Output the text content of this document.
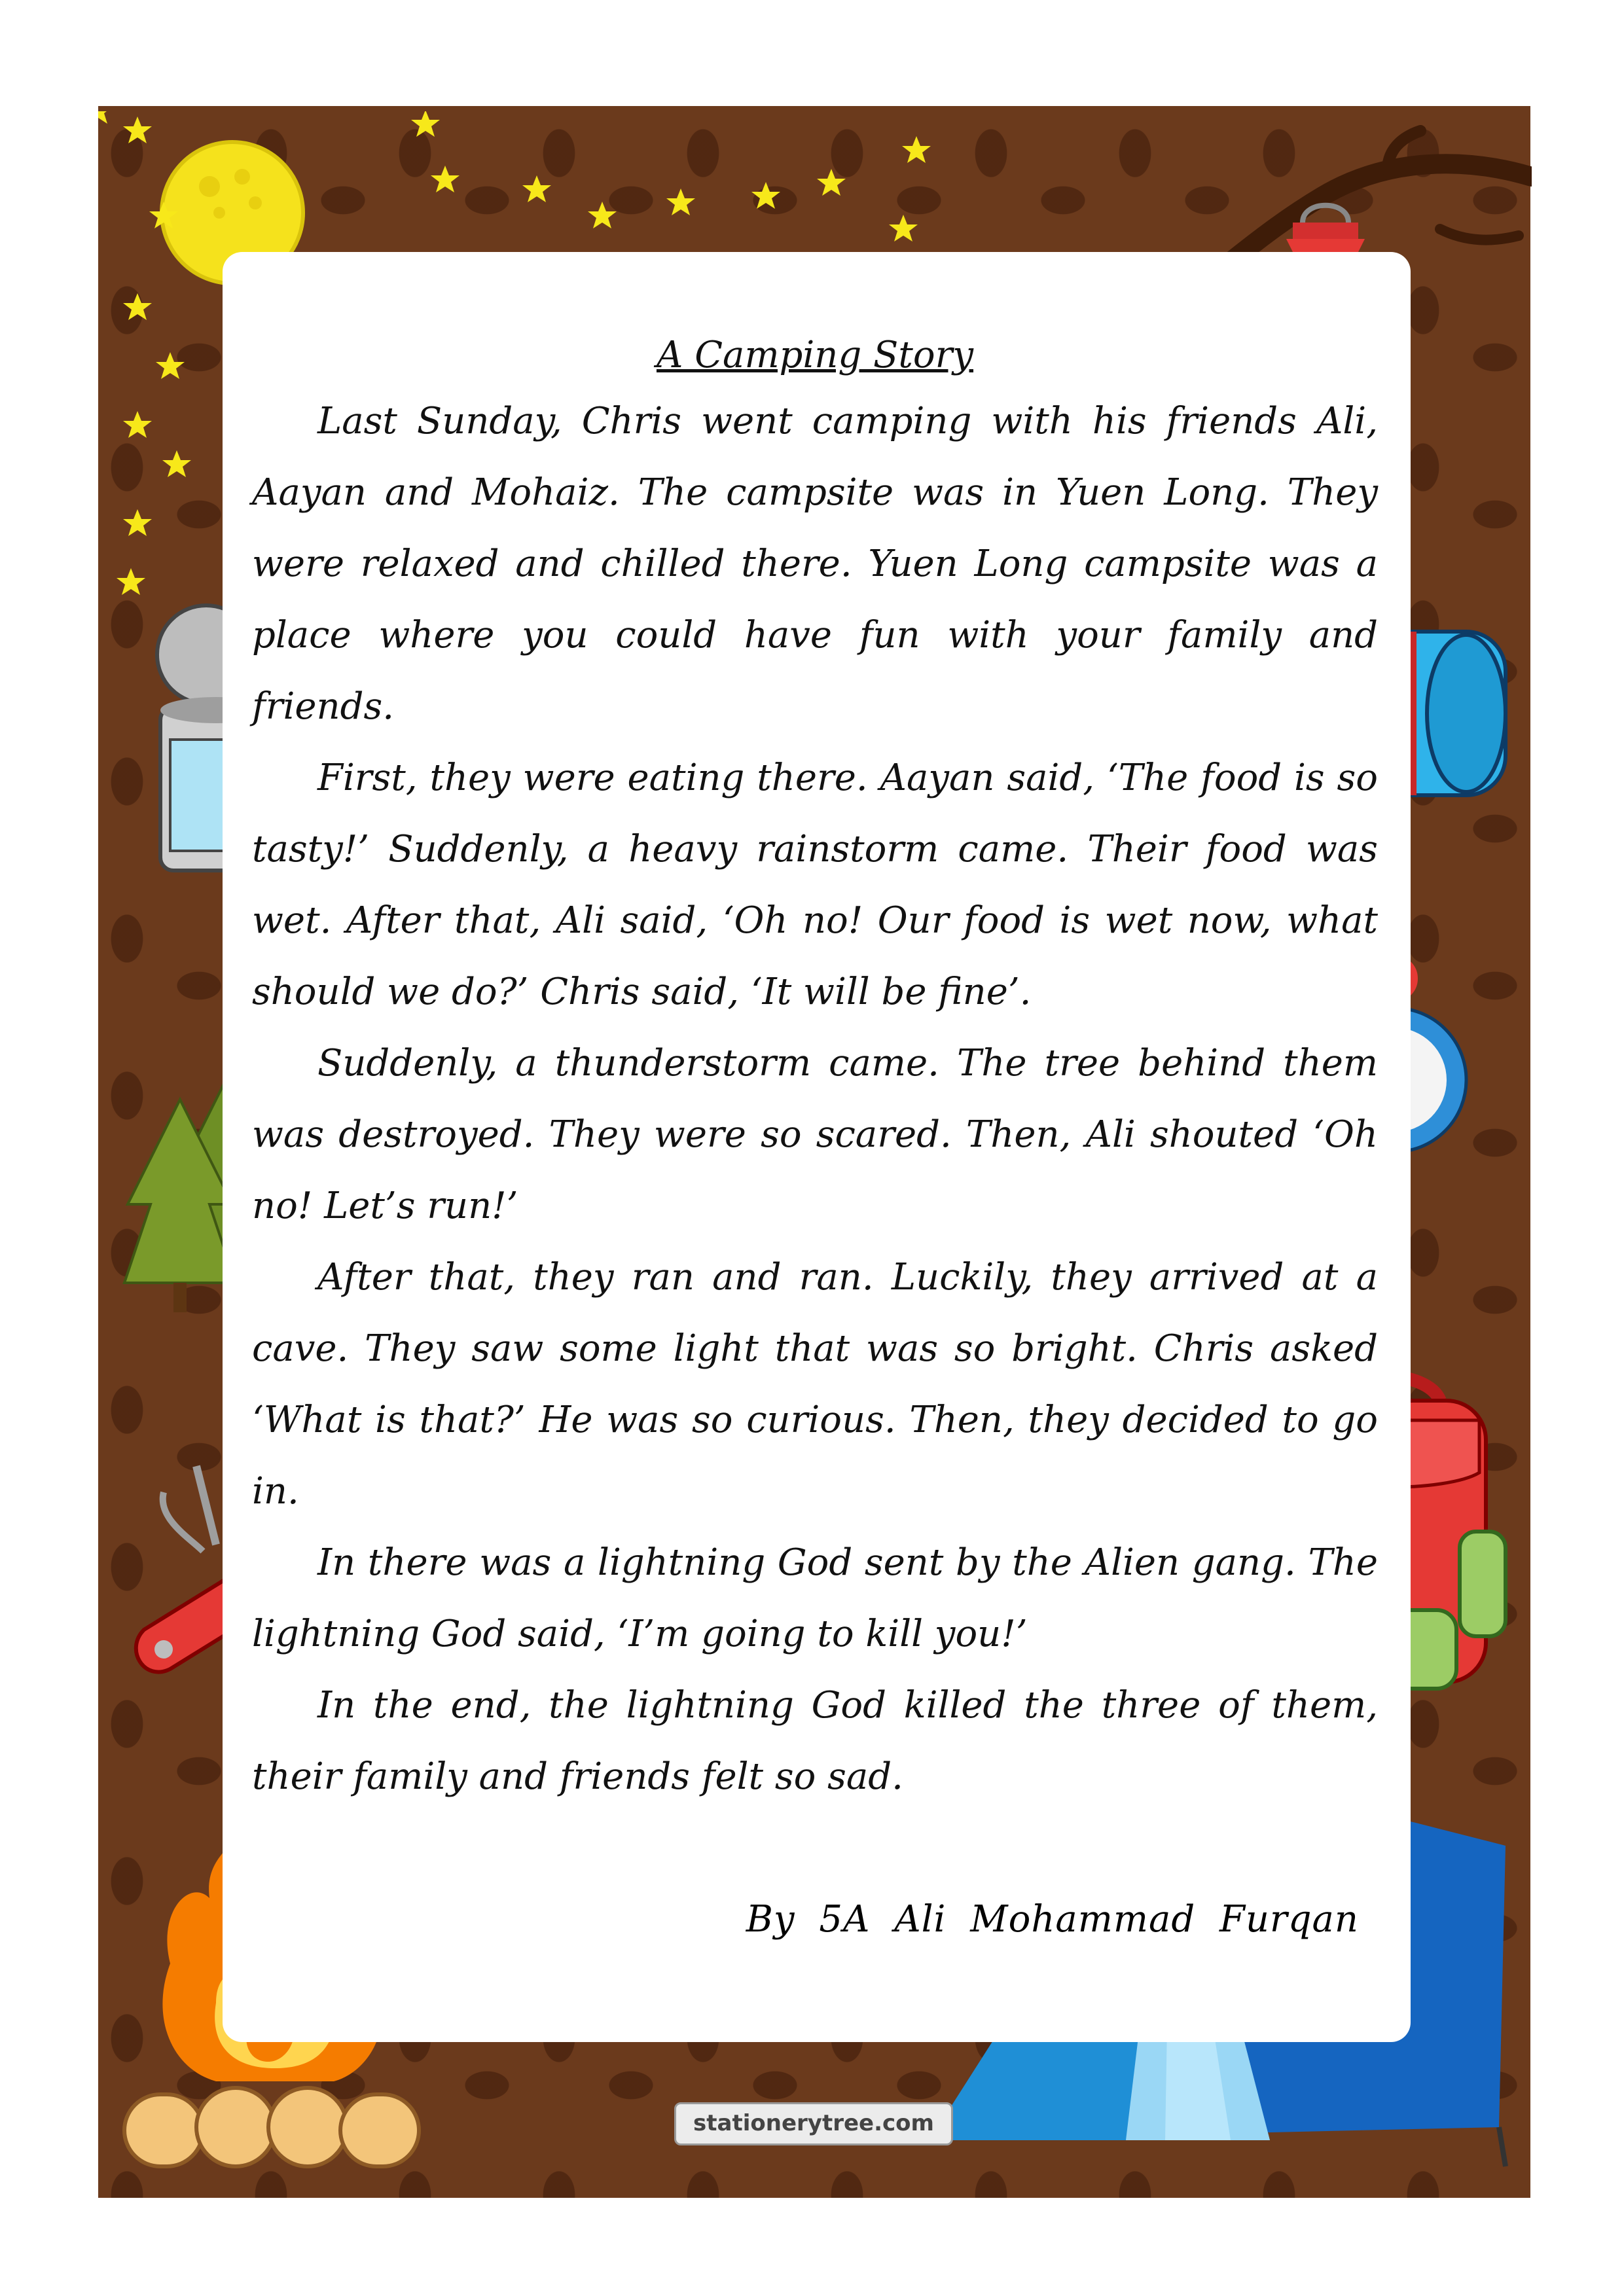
A Camping Story

Last Sunday, Chris went camping with his friends Ali, Aayan and Mohaiz. The campsite was in Yuen Long. They were relaxed and chilled there. Yuen Long campsite was a place where you could have fun with your family and friends.

First, they were eating there. Aayan said, ‘The food is so tasty!’ Suddenly, a heavy rainstorm came. Their food was wet. After that, Ali said, ‘Oh no! Our food is wet now, what should we do?’ Chris said, ‘It will be fine’.

Suddenly, a thunderstorm came. The tree behind them was destroyed. They were so scared. Then, Ali shouted ‘Oh no! Let’s run!’

After that, they ran and ran. Luckily, they arrived at a cave. They saw some light that was so bright. Chris asked ‘What is that?’ He was so curious. Then, they decided to go in.

In there was a lightning God sent by the Alien gang. The lightning God said, ‘I’m going to kill you!’

In the end, the lightning God killed the three of them, their family and friends felt so sad.

By 5A Ali Mohammad Furqan
stationerytree.com
